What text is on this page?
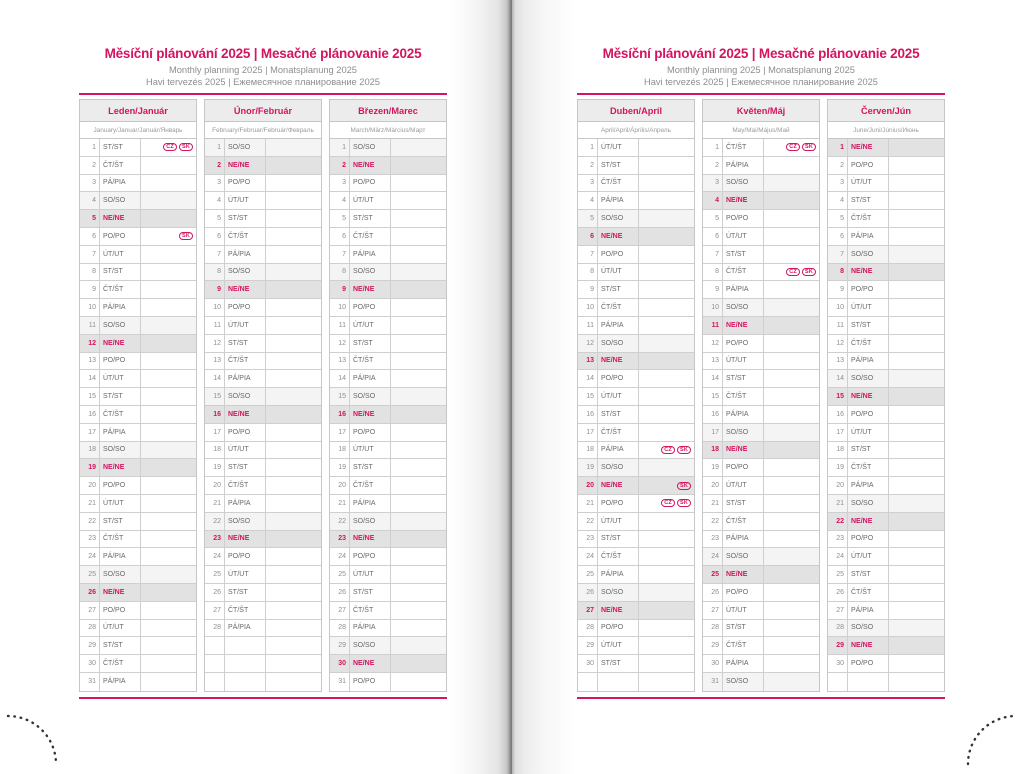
Měsíční plánování 2025 | Mesačné plánovanie 2025
Monthly planning 2025 | Monatsplanung 2025
Havi tervezés 2025 | Ежемесячное планирование 2025
Leden/Január
January/Januar/Január/Январь
1	ST/ST	CZ	SK
2	ČT/ŠT
3	PÁ/PIA
4	SO/SO
5	NE/NE
6	PO/PO	SK
7	ÚT/UT
8	ST/ST
9	ČT/ŠT
10	PÁ/PIA
11	SO/SO
12	NE/NE
13	PO/PO
14	ÚT/UT
15	ST/ST
16	ČT/ŠT
17	PÁ/PIA
18	SO/SO
19	NE/NE
20	PO/PO
21	ÚT/UT
22	ST/ST
23	ČT/ŠT
24	PÁ/PIA
25	SO/SO
26	NE/NE
27	PO/PO
28	ÚT/UT
29	ST/ST
30	ČT/ŠT
31	PÁ/PIA
Únor/Február
February/Februar/Február/Февраль
1	SO/SO
2	NE/NE
3	PO/PO
4	ÚT/UT
5	ST/ST
6	ČT/ŠT
7	PÁ/PIA
8	SO/SO
9	NE/NE
10	PO/PO
11	ÚT/UT
12	ST/ST
13	ČT/ŠT
14	PÁ/PIA
15	SO/SO
16	NE/NE
17	PO/PO
18	ÚT/UT
19	ST/ST
20	ČT/ŠT
21	PÁ/PIA
22	SO/SO
23	NE/NE
24	PO/PO
25	ÚT/UT
26	ST/ST
27	ČT/ŠT
28	PÁ/PIA
Březen/Marec
March/März/Március/Март
1	SO/SO
2	NE/NE
3	PO/PO
4	ÚT/UT
5	ST/ST
6	ČT/ŠT
7	PÁ/PIA
8	SO/SO
9	NE/NE
10	PO/PO
11	ÚT/UT
12	ST/ST
13	ČT/ŠT
14	PÁ/PIA
15	SO/SO
16	NE/NE
17	PO/PO
18	ÚT/UT
19	ST/ST
20	ČT/ŠT
21	PÁ/PIA
22	SO/SO
23	NE/NE
24	PO/PO
25	ÚT/UT
26	ST/ST
27	ČT/ŠT
28	PÁ/PIA
29	SO/SO
30	NE/NE
31	PO/PO
Měsíční plánování 2025 | Mesačné plánovanie 2025
Monthly planning 2025 | Monatsplanung 2025
Havi tervezés 2025 | Ежемесячное планирование 2025
Duben/Apríl
April/April/Április/Апрель
1	ÚT/UT
2	ST/ST
3	ČT/ŠT
4	PÁ/PIA
5	SO/SO
6	NE/NE
7	PO/PO
8	ÚT/UT
9	ST/ST
10	ČT/ŠT
11	PÁ/PIA
12	SO/SO
13	NE/NE
14	PO/PO
15	ÚT/UT
16	ST/ST
17	ČT/ŠT
18	PÁ/PIA	CZ	SK
19	SO/SO
20	NE/NE	SK
21	PO/PO	CZ	SK
22	ÚT/UT
23	ST/ST
24	ČT/ŠT
25	PÁ/PIA
26	SO/SO
27	NE/NE
28	PO/PO
29	ÚT/UT
30	ST/ST
Květen/Máj
May/Mai/Május/Май
1	ČT/ŠT	CZ	SK
2	PÁ/PIA
3	SO/SO
4	NE/NE
5	PO/PO
6	ÚT/UT
7	ST/ST
8	ČT/ŠT	CZ	SK
9	PÁ/PIA
10	SO/SO
11	NE/NE
12	PO/PO
13	ÚT/UT
14	ST/ST
15	ČT/ŠT
16	PÁ/PIA
17	SO/SO
18	NE/NE
19	PO/PO
20	ÚT/UT
21	ST/ST
22	ČT/ŠT
23	PÁ/PIA
24	SO/SO
25	NE/NE
26	PO/PO
27	ÚT/UT
28	ST/ST
29	ČT/ŠT
30	PÁ/PIA
31	SO/SO
Červen/Jún
June/Juni/Június/Июнь
1	NE/NE
2	PO/PO
3	ÚT/UT
4	ST/ST
5	ČT/ŠT
6	PÁ/PIA
7	SO/SO
8	NE/NE
9	PO/PO
10	ÚT/UT
11	ST/ST
12	ČT/ŠT
13	PÁ/PIA
14	SO/SO
15	NE/NE
16	PO/PO
17	ÚT/UT
18	ST/ST
19	ČT/ŠT
20	PÁ/PIA
21	SO/SO
22	NE/NE
23	PO/PO
24	ÚT/UT
25	ST/ST
26	ČT/ŠT
27	PÁ/PIA
28	SO/SO
29	NE/NE
30	PO/PO
